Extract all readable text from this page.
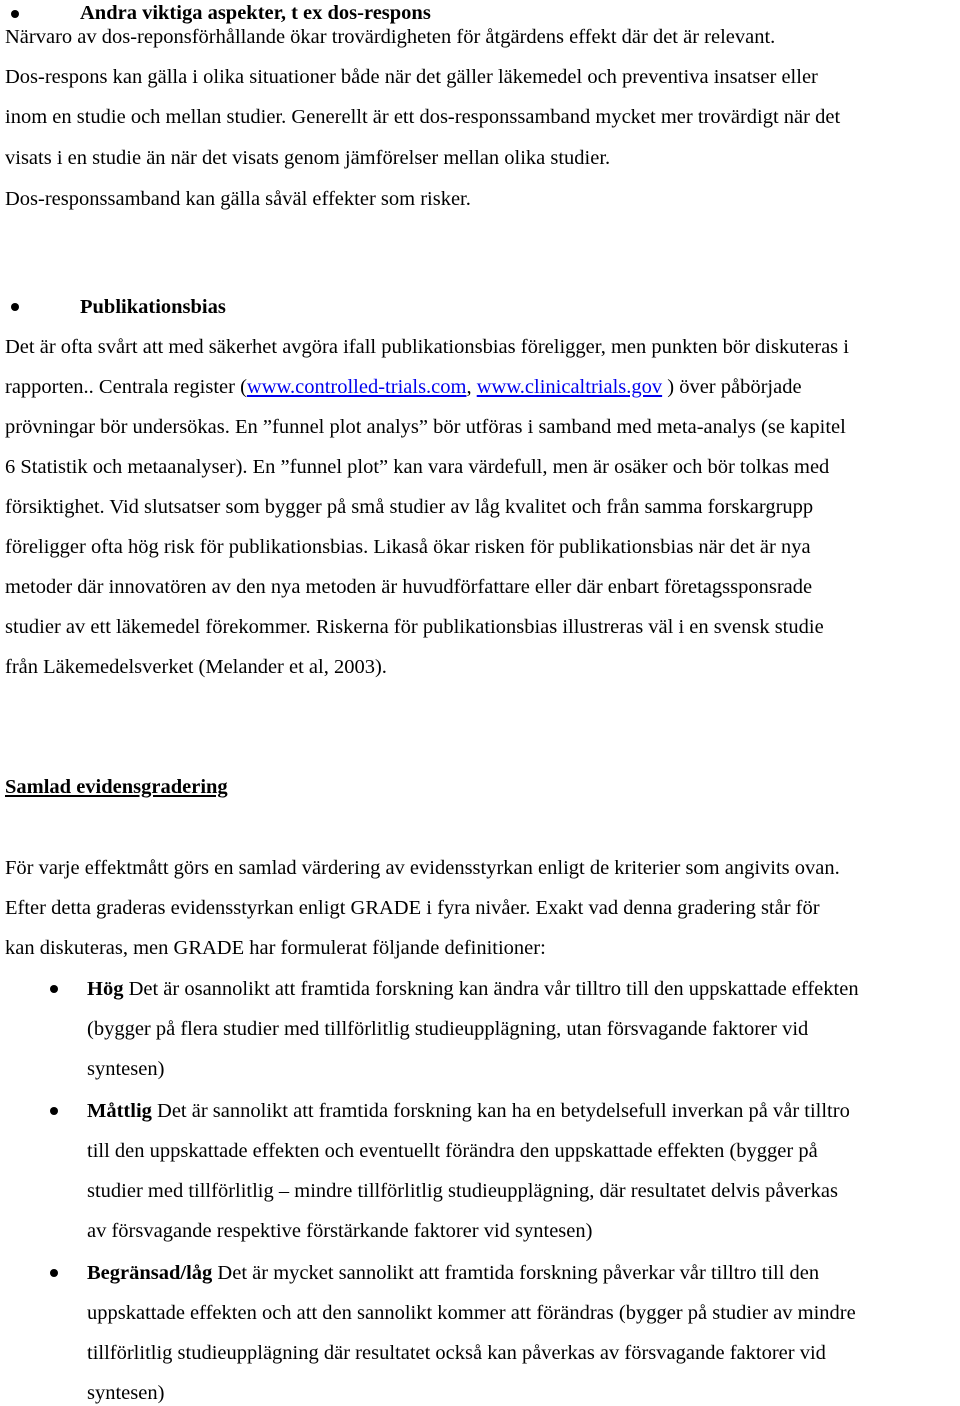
Andra viktiga aspekter, t ex dos-respons
Närvaro av dos-reponsförhållande ökar trovärdigheten för åtgärdens effekt där det är relevant.
Dos-respons kan gälla i olika situationer både när det gäller läkemedel och preventiva insatser eller
inom en studie och mellan studier. Generellt är ett dos-responssamband mycket mer trovärdigt när det
visats i en studie än när det visats genom jämförelser mellan olika studier.
Dos-responssamband kan gälla såväl effekter som risker.
Publikationsbias
Det är ofta svårt att med säkerhet avgöra ifall publikationsbias föreligger, men punkten bör diskuteras i
rapporten.. Centrala register (www.controlled-trials.com, www.clinicaltrials.gov ) över påbörjade
prövningar bör undersökas. En ”funnel plot analys” bör utföras i samband med meta-analys (se kapitel
6 Statistik och metaanalyser). En ”funnel plot” kan vara värdefull, men är osäker och bör tolkas med
försiktighet. Vid slutsatser som bygger på små studier av låg kvalitet och från samma forskargrupp
föreligger ofta hög risk för publikationsbias. Likaså ökar risken för publikationsbias när det är nya
metoder där innovatören av den nya metoden är huvudförfattare eller där enbart företagssponsrade
studier av ett läkemedel förekommer. Riskerna för publikationsbias illustreras väl i en svensk studie
från Läkemedelsverket (Melander et al, 2003).
Samlad evidensgradering
För varje effektmått görs en samlad värdering av evidensstyrkan enligt de kriterier som angivits ovan.
Efter detta graderas evidensstyrkan enligt GRADE i fyra nivåer. Exakt vad denna gradering står för
kan diskuteras, men GRADE har formulerat följande definitioner:
Hög Det är osannolikt att framtida forskning kan ändra vår tilltro till den uppskattade effekten
(bygger på flera studier med tillförlitlig studieupplägning, utan försvagande faktorer vid
syntesen)
Måttlig Det är sannolikt att framtida forskning kan ha en betydelsefull inverkan på vår tilltro
till den uppskattade effekten och eventuellt förändra den uppskattade effekten (bygger på
studier med tillförlitlig – mindre tillförlitlig studieupplägning, där resultatet delvis påverkas
av försvagande respektive förstärkande faktorer vid syntesen)
Begränsad/låg Det är mycket sannolikt att framtida forskning påverkar vår tilltro till den
uppskattade effekten och att den sannolikt kommer att förändras (bygger på studier av mindre
tillförlitlig studieupplägning där resultatet också kan påverkas av försvagande faktorer vid
syntesen)
